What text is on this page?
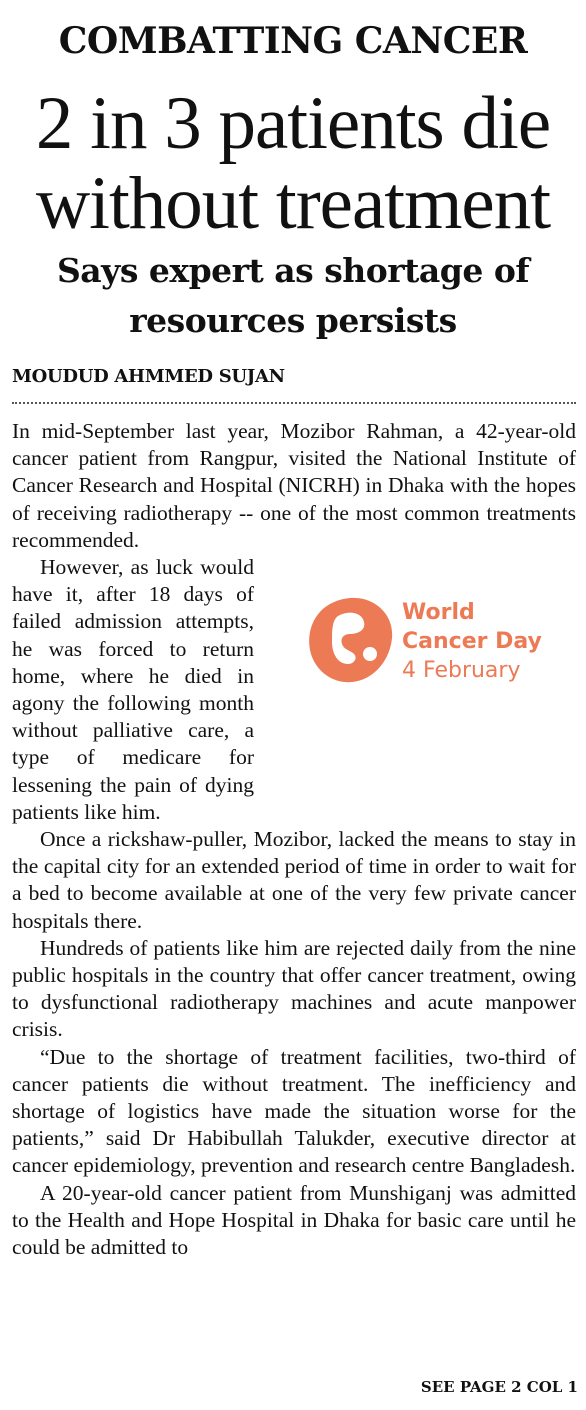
COMBATTING CANCER
2 in 3 patients die
without treatment
Says expert as shortage of
resources persists
MOUDUD AHMMED SUJAN

In mid-September last year, Mozibor Rahman, a 42-year-old cancer patient from Rangpur, visited the National Institute of Cancer Research and Hospital (NICRH) in Dhaka with the hopes of receiving radiotherapy -- one of the most common treatments recommended.

World
Cancer Day
4 February

However, as luck would have it, after 18 days of failed admission attempts, he was forced to return home, where he died in agony the following month without palliative care, a type of medicare for lessening the pain of dying patients like him.

Once a rickshaw-puller, Mozibor, lacked the means to stay in the capital city for an extended period of time in order to wait for a bed to become available at one of the very few private cancer hospitals there.

Hundreds of patients like him are rejected daily from the nine public hospitals in the country that offer cancer treatment, owing to dysfunctional radiotherapy machines and acute manpower crisis.

“Due to the shortage of treatment facilities, two-third of cancer patients die without treatment. The inefficiency and shortage of logistics have made the situation worse for the patients,” said Dr Habibullah Talukder, executive director at cancer epidemiology, prevention and research centre Bangladesh.

A 20-year-old cancer patient from Munshiganj was admitted to the Health and Hope Hospital in Dhaka for basic care until he could be admitted to

SEE PAGE 2 COL 1
